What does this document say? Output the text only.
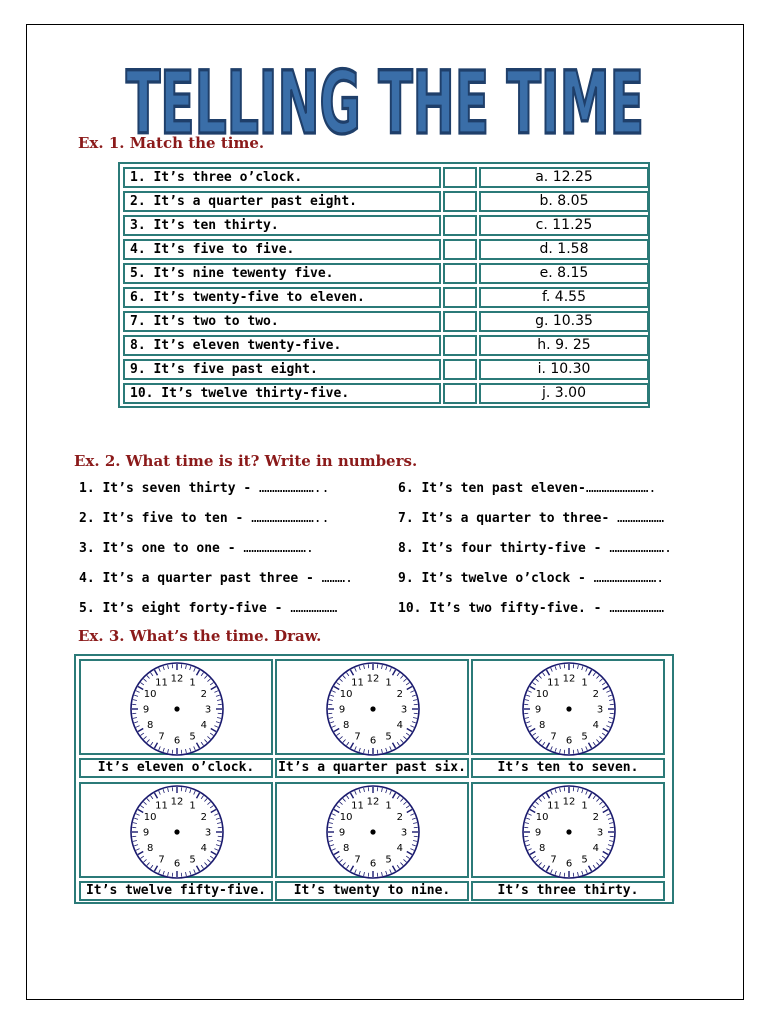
TELLING THE TIME
Ex. 1. Match the time.
1. It’s three o’clock.	a. 12.25
2. It’s a quarter past eight.	b. 8.05
3. It’s ten thirty.	c. 11.25
4. It’s five to five.	d. 1.58
5. It’s nine tewenty five.	e. 8.15
6. It’s twenty-five to eleven.	f. 4.55
7. It’s two to two.	g. 10.35
8. It’s eleven twenty-five.	h. 9. 25
9. It’s five past eight.	i. 10.30
10. It’s twelve thirty-five.	j. 3.00
Ex. 2. What time is it? Write in numbers.
1. It’s seven thirty - …………………..
2. It’s five to ten - ……………………..
3. It’s one to one - …………………….
4. It’s a quarter past three - ……….
5. It’s eight forty-five - ………………
6. It’s ten past eleven-…………………….
7. It’s a quarter to three- ………………
8. It’s four thirty-five - ………………….
9. It’s twelve o’clock - …………………….
10. It’s two fifty-five. - …………………
Ex. 3. What’s the time. Draw.
12 1
2
3
4
5
6
7
8
9
10
11
It’s eleven o’clock.
12 1
2
3
4
5
6
7
8
9
10
11
It’s a quarter past six.
12 1
2
3
4
5
6
7
8
9
10
11
It’s ten to seven.
12 1
2
3
4
5
6
7
8
9
10
11
It’s twelve fifty-five.
12 1
2
3
4
5
6
7
8
9
10
11
It’s twenty to nine.
12 1
2
3
4
5
6
7
8
9
10
11
It’s three thirty.
